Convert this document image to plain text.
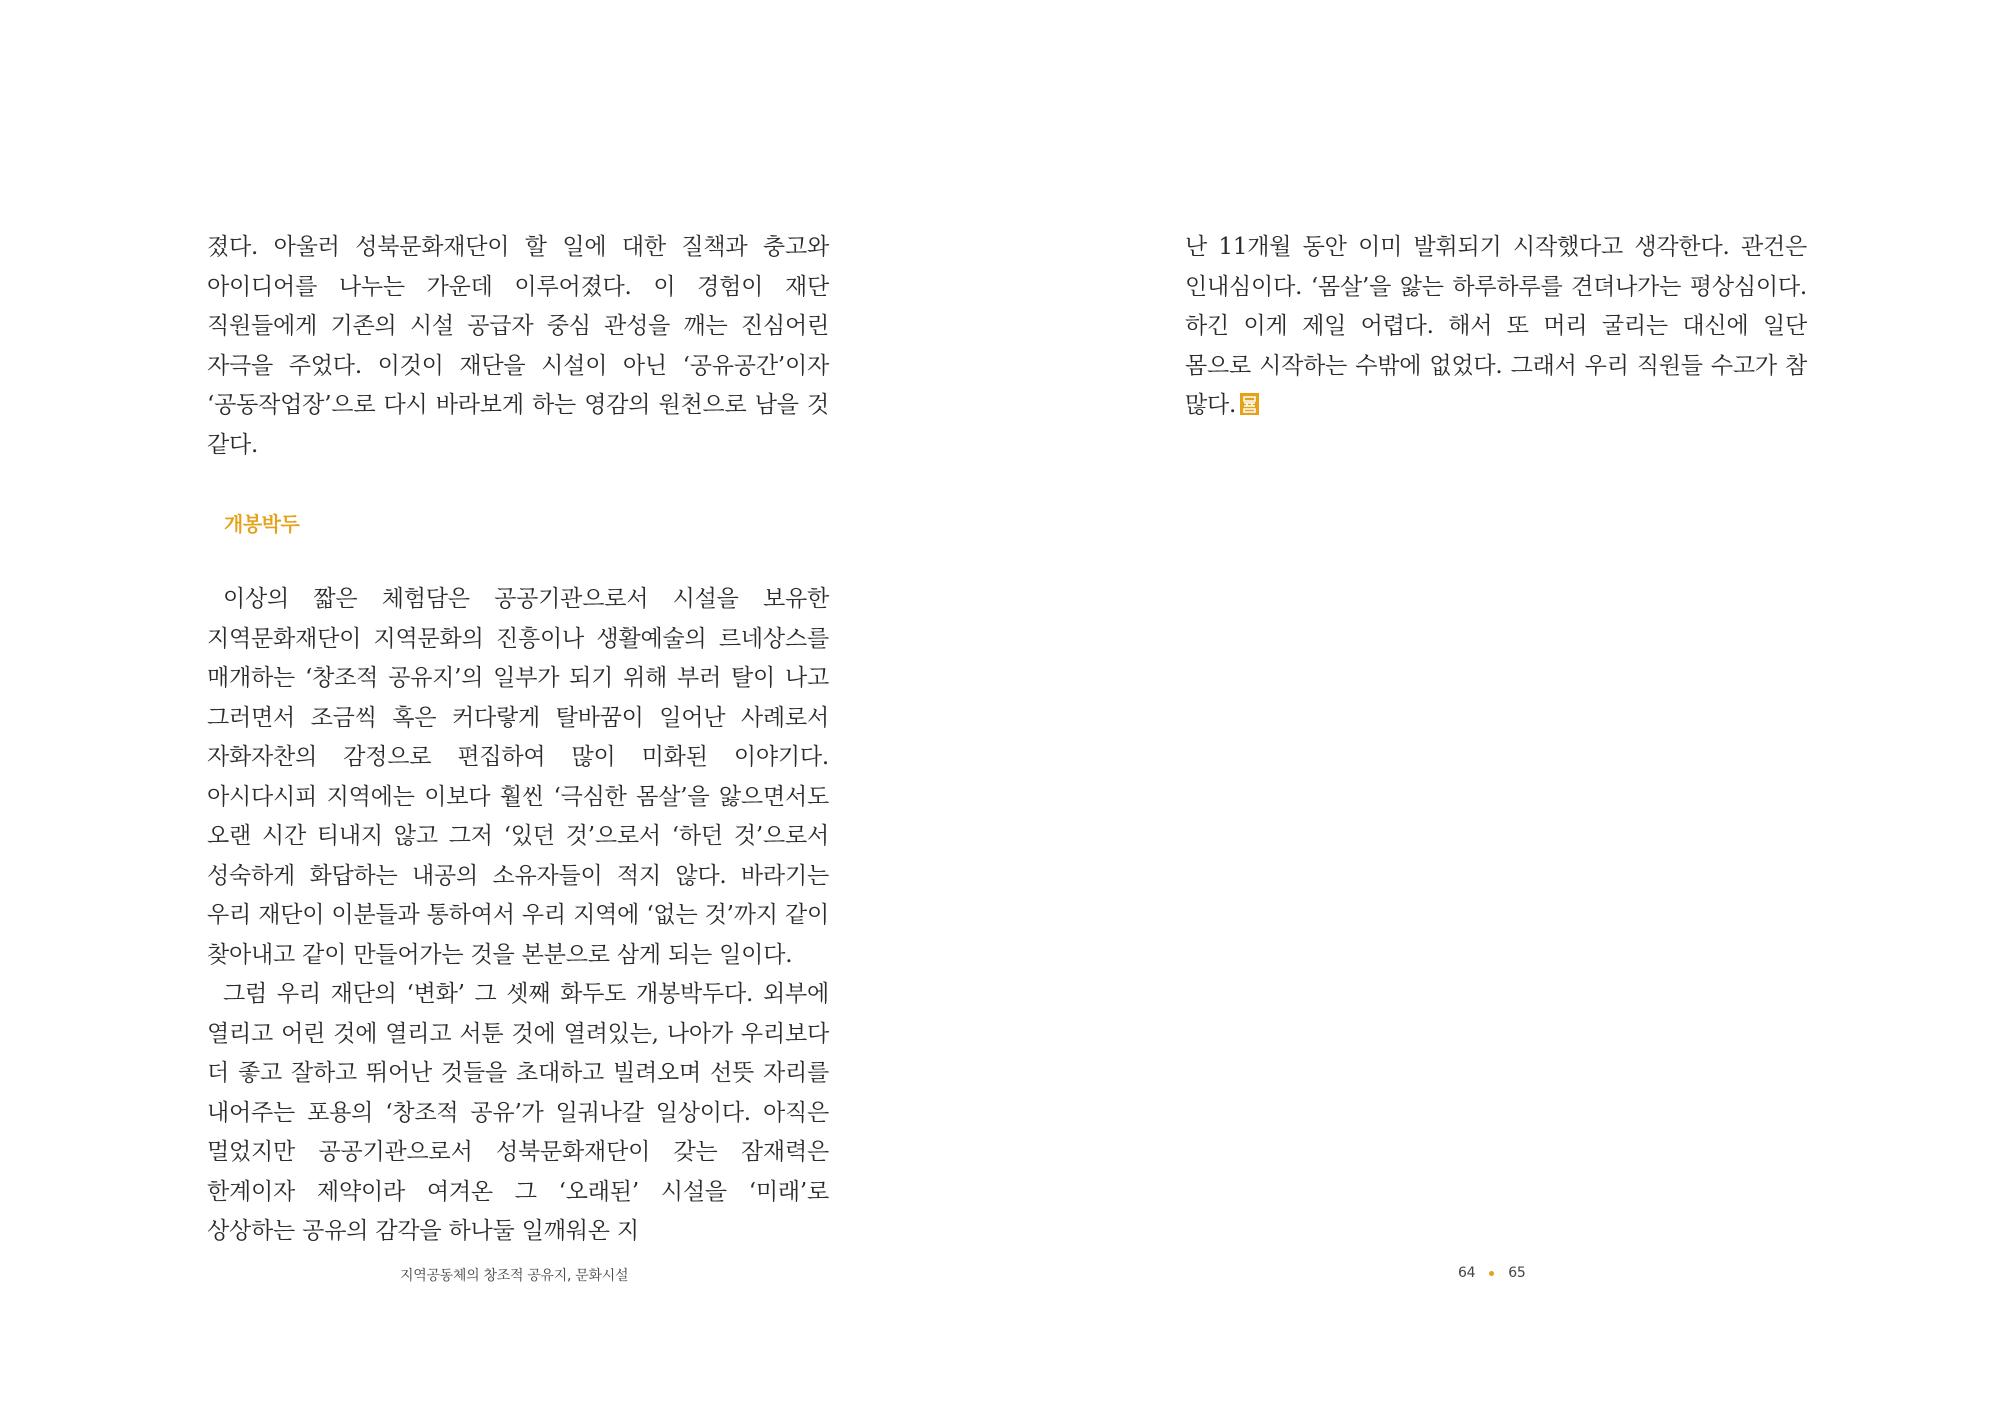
졌다. 아울러 성북문화재단이 할 일에 대한 질책과 충고와 아이디어를 나누는 가운데 이루어졌다. 이 경험이 재단 직원들에게 기존의 시설 공급자 중심 관성을 깨는 진심어린 자극을 주었다. 이것이 재단을 시설이 아닌 ‘공유공간’이자 ‘공동작업장’으로 다시 바라보게 하는 영감의 원천으로 남을 것 같다.

개봉박두

이상의 짧은 체험담은 공공기관으로서 시설을 보유한 지역문화재단이 지역문화의 진흥이나 생활예술의 르네상스를 매개하는 ‘창조적 공유지’의 일부가 되기 위해 부러 탈이 나고 그러면서 조금씩 혹은 커다랗게 탈바꿈이 일어난 사례로서 자화자찬의 감정으로 편집하여 많이 미화된 이야기다. 아시다시피 지역에는 이보다 훨씬 ‘극심한 몸살’을 앓으면서도 오랜 시간 티내지 않고 그저 ‘있던 것’으로서 ‘하던 것’으로서 성숙하게 화답하는 내공의 소유자들이 적지 않다. 바라기는 우리 재단이 이분들과 통하여서 우리 지역에 ‘없는 것’까지 같이 찾아내고 같이 만들어가는 것을 본분으로 삼게 되는 일이다.

그럼 우리 재단의 ‘변화’ 그 셋째 화두도 개봉박두다. 외부에 열리고 어린 것에 열리고 서툰 것에 열려있는, 나아가 우리보다 더 좋고 잘하고 뛰어난 것들을 초대하고 빌려오며 선뜻 자리를 내어주는 포용의 ‘창조적 공유’가 일궈나갈 일상이다. 아직은 멀었지만 공공기관으로서 성북문화재단이 갖는 잠재력은 한계이자 제약이라 여겨온 그 ‘오래된’ 시설을 ‘미래’로 상상하는 공유의 감각을 하나둘 일깨워온 지

난 11개월 동안 이미 발휘되기 시작했다고 생각한다. 관건은 인내심이다. ‘몸살’을 앓는 하루하루를 견뎌나가는 평상심이다. 하긴 이게 제일 어렵다. 해서 또 머리 굴리는 대신에 일단 몸으로 시작하는 수밖에 없었다. 그래서 우리 직원들 수고가 참 많다.

지역공동체의 창조적 공유지, 문화시설	64 65
